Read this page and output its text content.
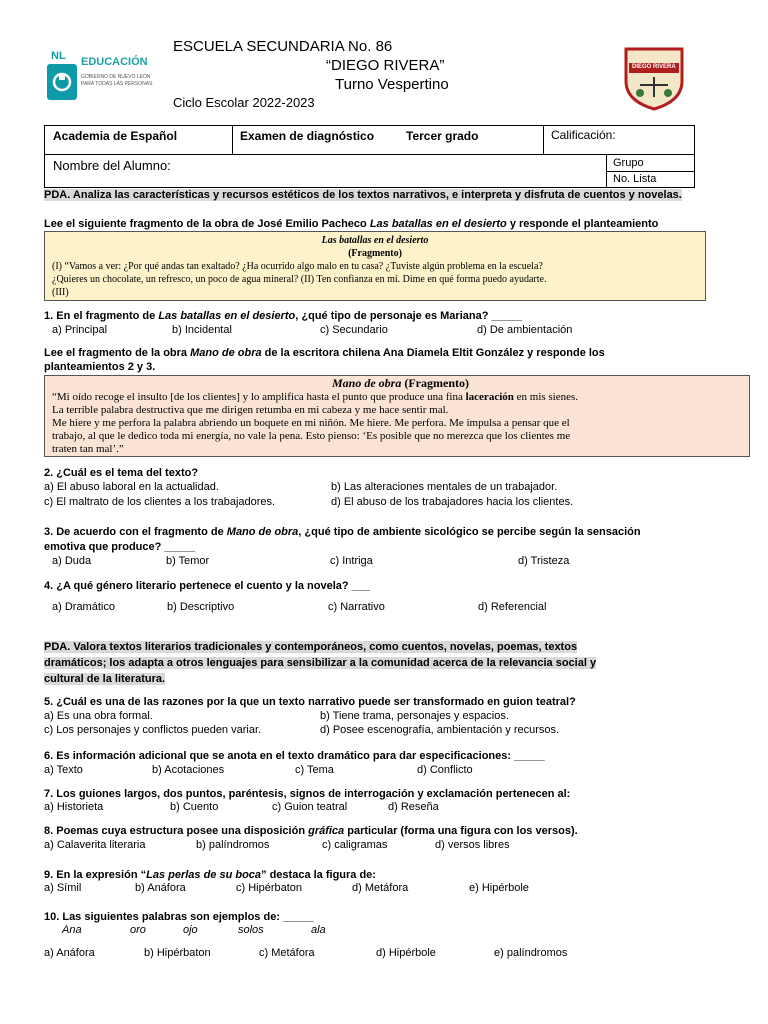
NL EDUCACIÓN
GOBIERNO DE NUEVO LEÓN
PARA TODAS LAS PERSONAS
ESCUELA SECUNDARIA No. 86
“DIEGO RIVERA”
Turno Vespertino
Ciclo Escolar 2022-2023
DIEGO RIVERA
Academia de Español	Examen de diagnóstico	Tercer grado	Calificación:
Nombre del Alumno:	Grupo
No. Lista
PDA. Analiza las características y recursos estéticos de los textos narrativos, e interpreta y disfruta de cuentos y novelas.
Lee el siguiente fragmento de la obra de José Emilio Pacheco Las batallas en el desierto y responde el planteamiento
Las batallas en el desierto
(Fragmento)
(I) “Vamos a ver: ¿Por qué andas tan exaltado? ¿Ha ocurrido algo malo en tu casa? ¿Tuviste algún problema en la escuela?
¿Quieres un chocolate, un refresco, un poco de agua mineral? (II) Ten confianza en mí. Dime en qué forma puedo ayudarte.
(III)
1. En el fragmento de Las batallas en el desierto, ¿qué tipo de personaje es Mariana? _____
a) Principal	b) Incidental	c) Secundario	d) De ambientación
Lee el fragmento de la obra Mano de obra de la escritora chilena Ana Diamela Eltit González y responde los
planteamientos 2 y 3.
Mano de obra (Fragmento)
“Mi oído recoge el insulto [de los clientes] y lo amplifica hasta el punto que produce una fina laceración en mis sienes.
La terrible palabra destructiva que me dirigen retumba en mi cabeza y me hace sentir mal.
Me hiere y me perfora la palabra abriendo un boquete en mi niñón. Me hiere. Me perfora. Me impulsa a pensar que el
trabajo, al que le dedico toda mi energía, no vale la pena. Esto pienso: ‘Es posible que no merezca que los clientes me
traten tan mal’.”
2. ¿Cuál es el tema del texto?
a) El abuso laboral en la actualidad.	b) Las alteraciones mentales de un trabajador.
c) El maltrato de los clientes a los trabajadores.	d) El abuso de los trabajadores hacia los clientes.
3. De acuerdo con el fragmento de Mano de obra, ¿qué tipo de ambiente sicológico se percibe según la sensación
emotiva que produce? _____
a) Duda	b) Temor	c) Intriga	d) Tristeza
4. ¿A qué género literario pertenece el cuento y la novela? ___
a) Dramático	b) Descriptivo	c) Narrativo	d) Referencial
PDA. Valora textos literarios tradicionales y contemporáneos, como cuentos, novelas, poemas, textos
dramáticos; los adapta a otros lenguajes para sensibilizar a la comunidad acerca de la relevancia social y
cultural de la literatura.
5. ¿Cuál es una de las razones por la que un texto narrativo puede ser transformado en guion teatral?
a) Es una obra formal.	b) Tiene trama, personajes y espacios.
c) Los personajes y conflictos pueden variar.	d) Posee escenografía, ambientación y recursos.
6. Es información adicional que se anota en el texto dramático para dar especificaciones: _____
a) Texto	b) Acotaciones	c) Tema	d) Conflicto
7. Los guiones largos, dos puntos, paréntesis, signos de interrogación y exclamación pertenecen al:
a) Historieta	b) Cuento	c) Guion teatral	d) Reseña
8. Poemas cuya estructura posee una disposición gráfica particular (forma una figura con los versos).
a) Calaverita literaria	b) palíndromos	c) caligramas	d) versos libres
9. En la expresión “Las perlas de su boca” destaca la figura de:
a) Símil	b) Anáfora	c) Hipérbaton	d) Metáfora	e) Hipérbole
10. Las siguientes palabras son ejemplos de: _____
Ana	oro	ojo	solos	ala
a) Anáfora	b) Hipérbaton	c) Metáfora	d) Hipérbole	e) palíndromos
